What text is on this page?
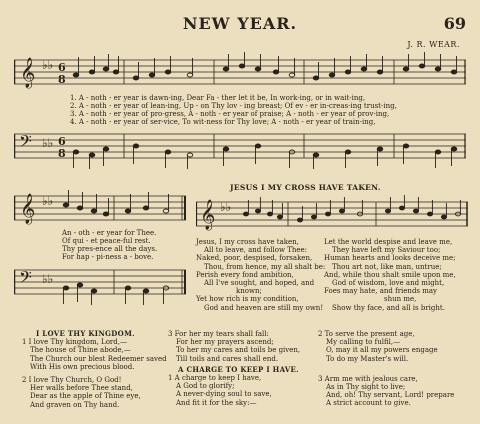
NEW YEAR.	69
J. R. WEAR.
𝄞 ♭♭ 6
8
1. A - noth - er year is dawn-ing, Dear Fa - ther let it be, In work-ing, or in wait-ing,
2. A - noth - er year of lean-ing, Up - on Thy lov - ing breast; Of ev - er in-creas-ing trust-ing,
3. A - noth - er year of pro-gress, A - noth - er year of praise; A - noth - er year of prov-ing,
4. A - noth - er year of ser-vice, To wit-ness for Thy love; A - noth - er year of train-ing,
𝄢 ♭♭ 6
8
𝄞 ♭♭
An - oth - er year for Thee.
Of qui - et peace-ful rest.
Thy pres-ence all the days.
For hap - pi-ness a - bove.
𝄢 ♭♭
JESUS I MY CROSS HAVE TAKEN.
𝄞 ♭♭
Jesus, I my cross have taken,
All to leave, and follow Thee:
Naked, poor, despised, forsaken,
Thou, from hence, my all shalt be:
Perish every fond ambition,
All I've sought, and hoped, and
known;
Yet how rich is my condition,
God and heaven are still my own!
Let the world despise and leave me,
They have left my Saviour too;
Human hearts and looks deceive me;
Thou art not, like man, untrue;
And, while thou shalt smile upon me,
God of wisdom, love and might,
Foes may hate, and friends may
shun me,
Show thy face, and all is bright.
I LOVE THY KINGDOM.
1 I love Thy kingdom, Lord,—
The house of Thine abode,—
The Church our blest Redeemer saved
With His own precious blood.
2 I love Thy Church, O God!
Her walls before Thee stand,
Dear as the apple of Thine eye,
And graven on Thy hand.
3 For her my tears shall fall:
For her my prayers ascend;
To her my cares and toils be given,
Till toils and cares shall end.
A CHARGE TO KEEP I HAVE.
1 A charge to keep I have,
A God to glorify;
A never-dying soul to save,
And fit it for the sky:—
2 To serve the present age,
My calling to fulfil,—
O, may it all my powers engage
To do my Master's will.
3 Arm me with jealous care,
As in Thy sight to live;
And, oh! Thy servant, Lord! prepare
A strict account to give.
